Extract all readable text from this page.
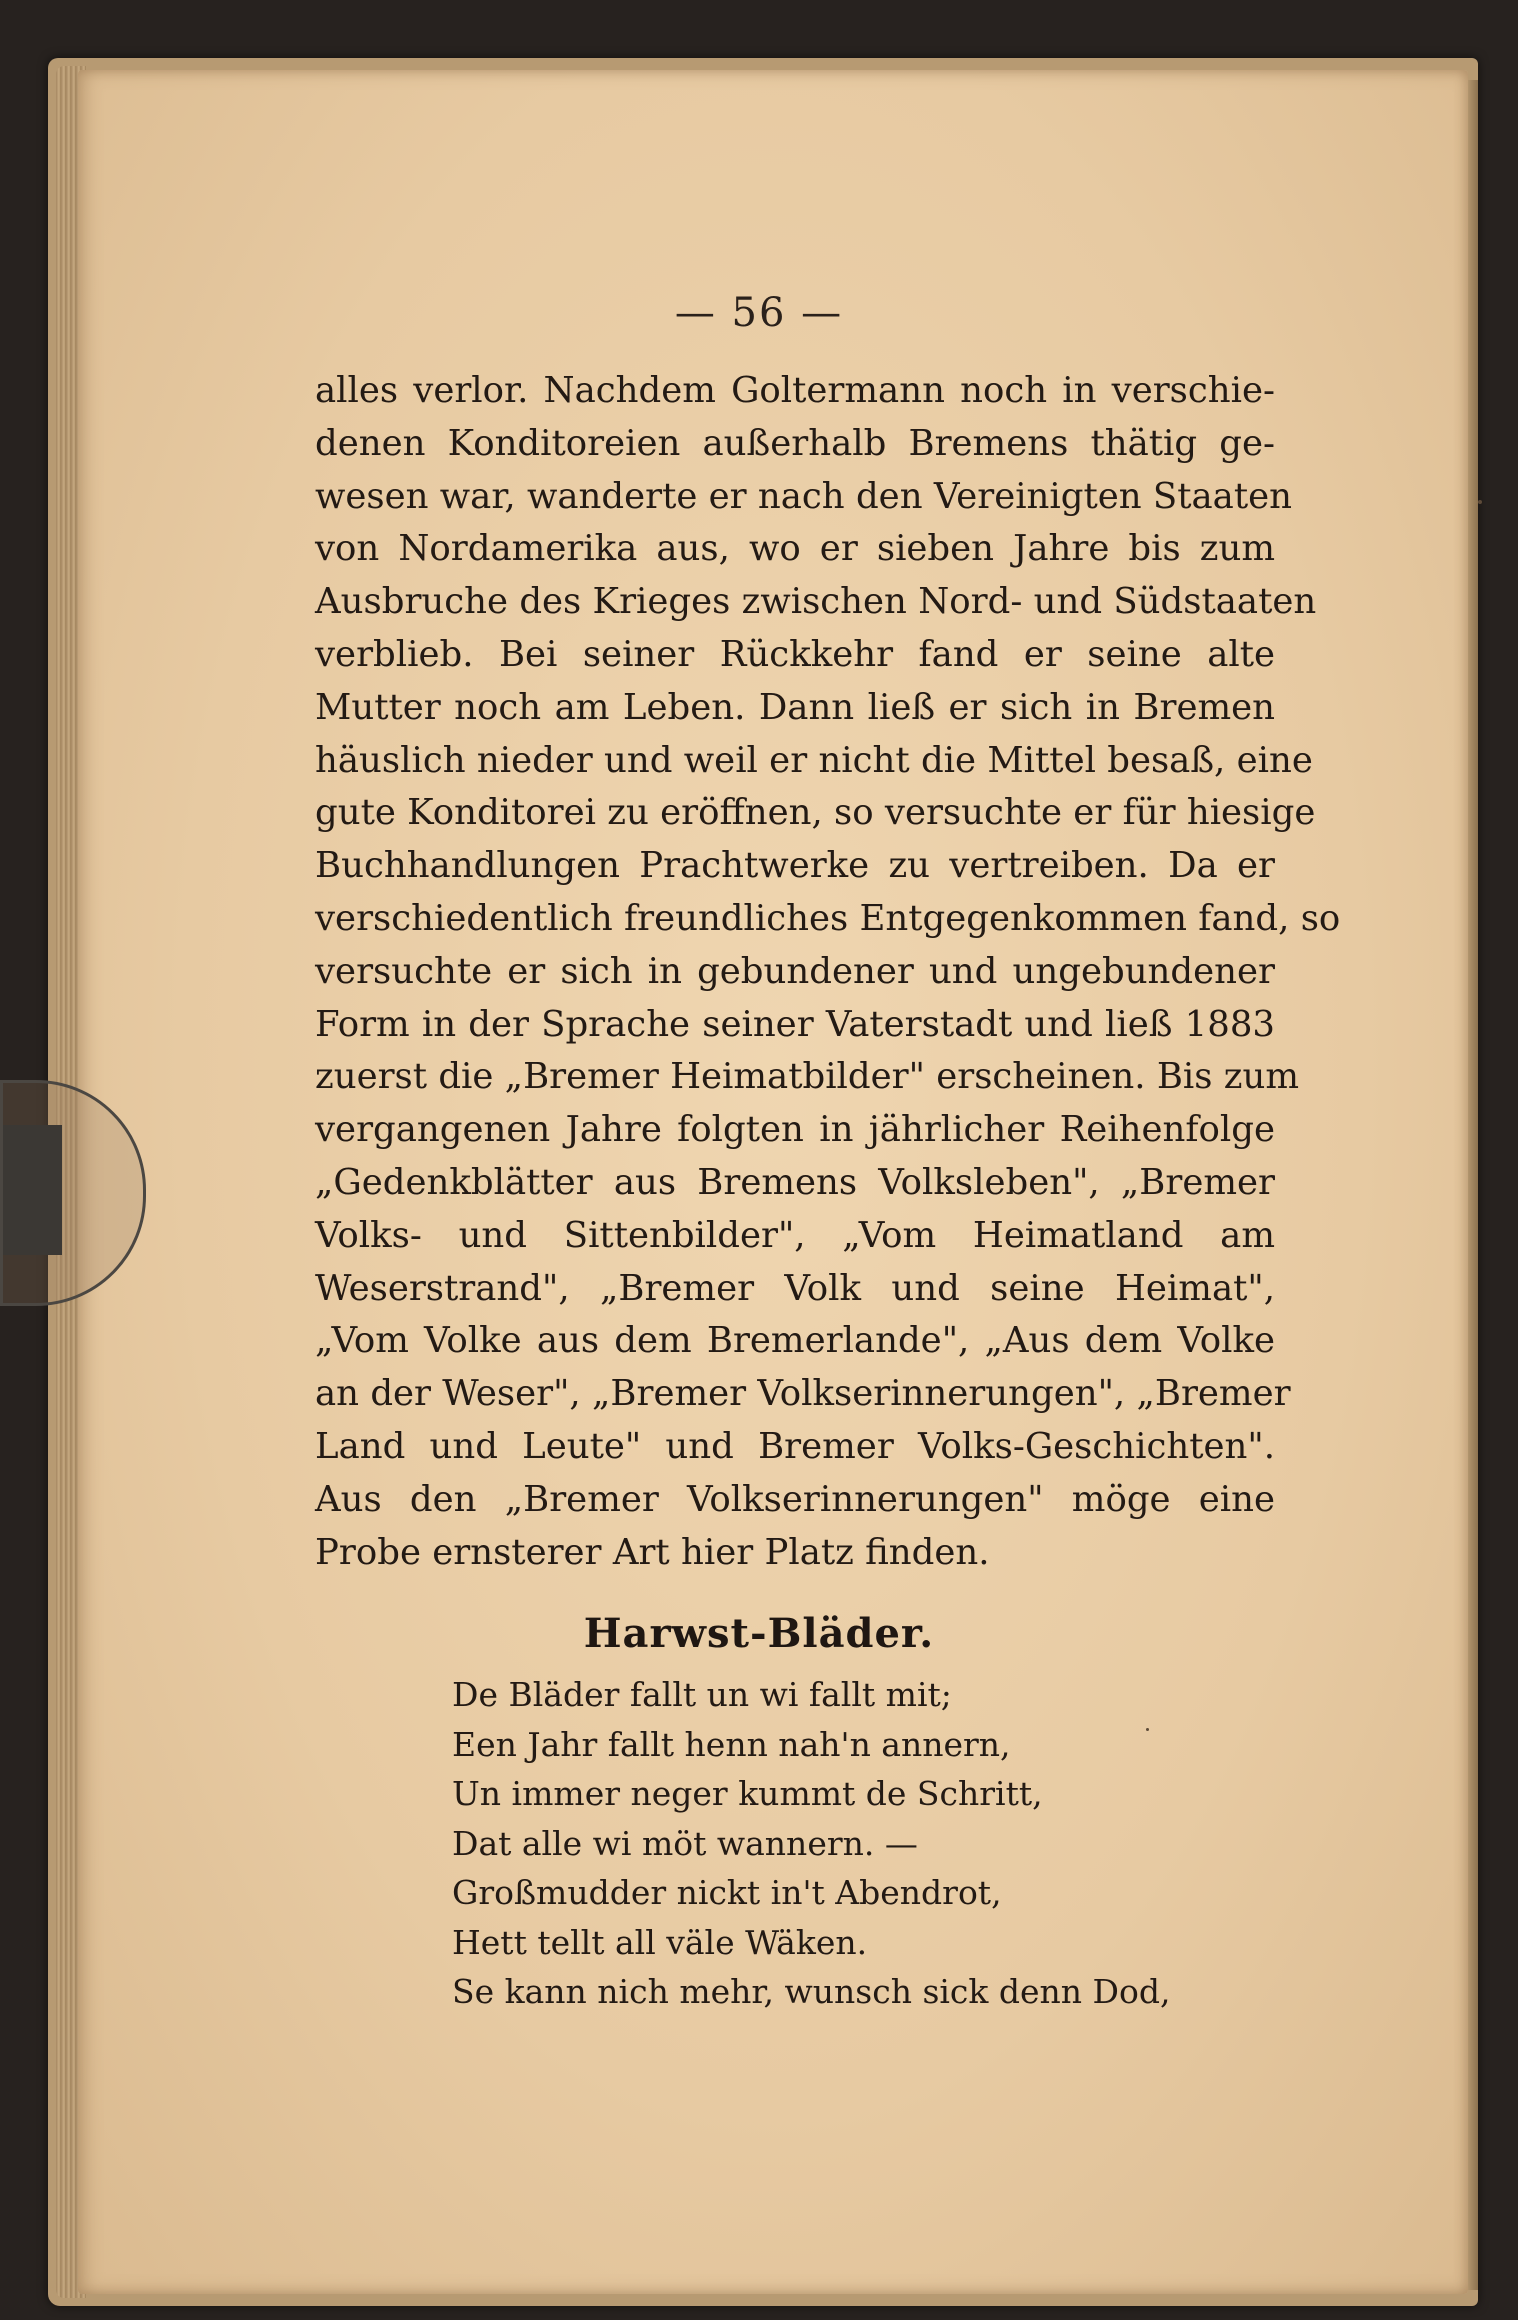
— 56 —
alles verlor. Nachdem Goltermann noch in verschie-
denen Konditoreien außerhalb Bremens thätig ge-
wesen war, wanderte er nach den Vereinigten Staaten
von Nordamerika aus, wo er sieben Jahre bis zum
Ausbruche des Krieges zwischen Nord- und Südstaaten
verblieb. Bei seiner Rückkehr fand er seine alte
Mutter noch am Leben. Dann ließ er sich in Bremen
häuslich nieder und weil er nicht die Mittel besaß, eine
gute Konditorei zu eröffnen, so versuchte er für hiesige
Buchhandlungen Prachtwerke zu vertreiben. Da er
verschiedentlich freundliches Entgegenkommen fand, so
versuchte er sich in gebundener und ungebundener
Form in der Sprache seiner Vaterstadt und ließ 1883
zuerst die „Bremer Heimatbilder" erscheinen. Bis zum
vergangenen Jahre folgten in jährlicher Reihenfolge
„Gedenkblätter aus Bremens Volksleben", „Bremer
Volks- und Sittenbilder", „Vom Heimatland am
Weserstrand", „Bremer Volk und seine Heimat",
„Vom Volke aus dem Bremerlande", „Aus dem Volke
an der Weser", „Bremer Volkserinnerungen", „Bremer
Land und Leute" und Bremer Volks-Geschichten".
Aus den „Bremer Volkserinnerungen" möge eine
Probe ernsterer Art hier Platz finden.
Harwst-Bläder.
De Bläder fallt un wi fallt mit;
Een Jahr fallt henn nah'n annern,
Un immer neger kummt de Schritt,
Dat alle wi möt wannern. —
Großmudder nickt in't Abendrot,
Hett tellt all väle Wäken.
Se kann nich mehr, wunsch sick denn Dod,
